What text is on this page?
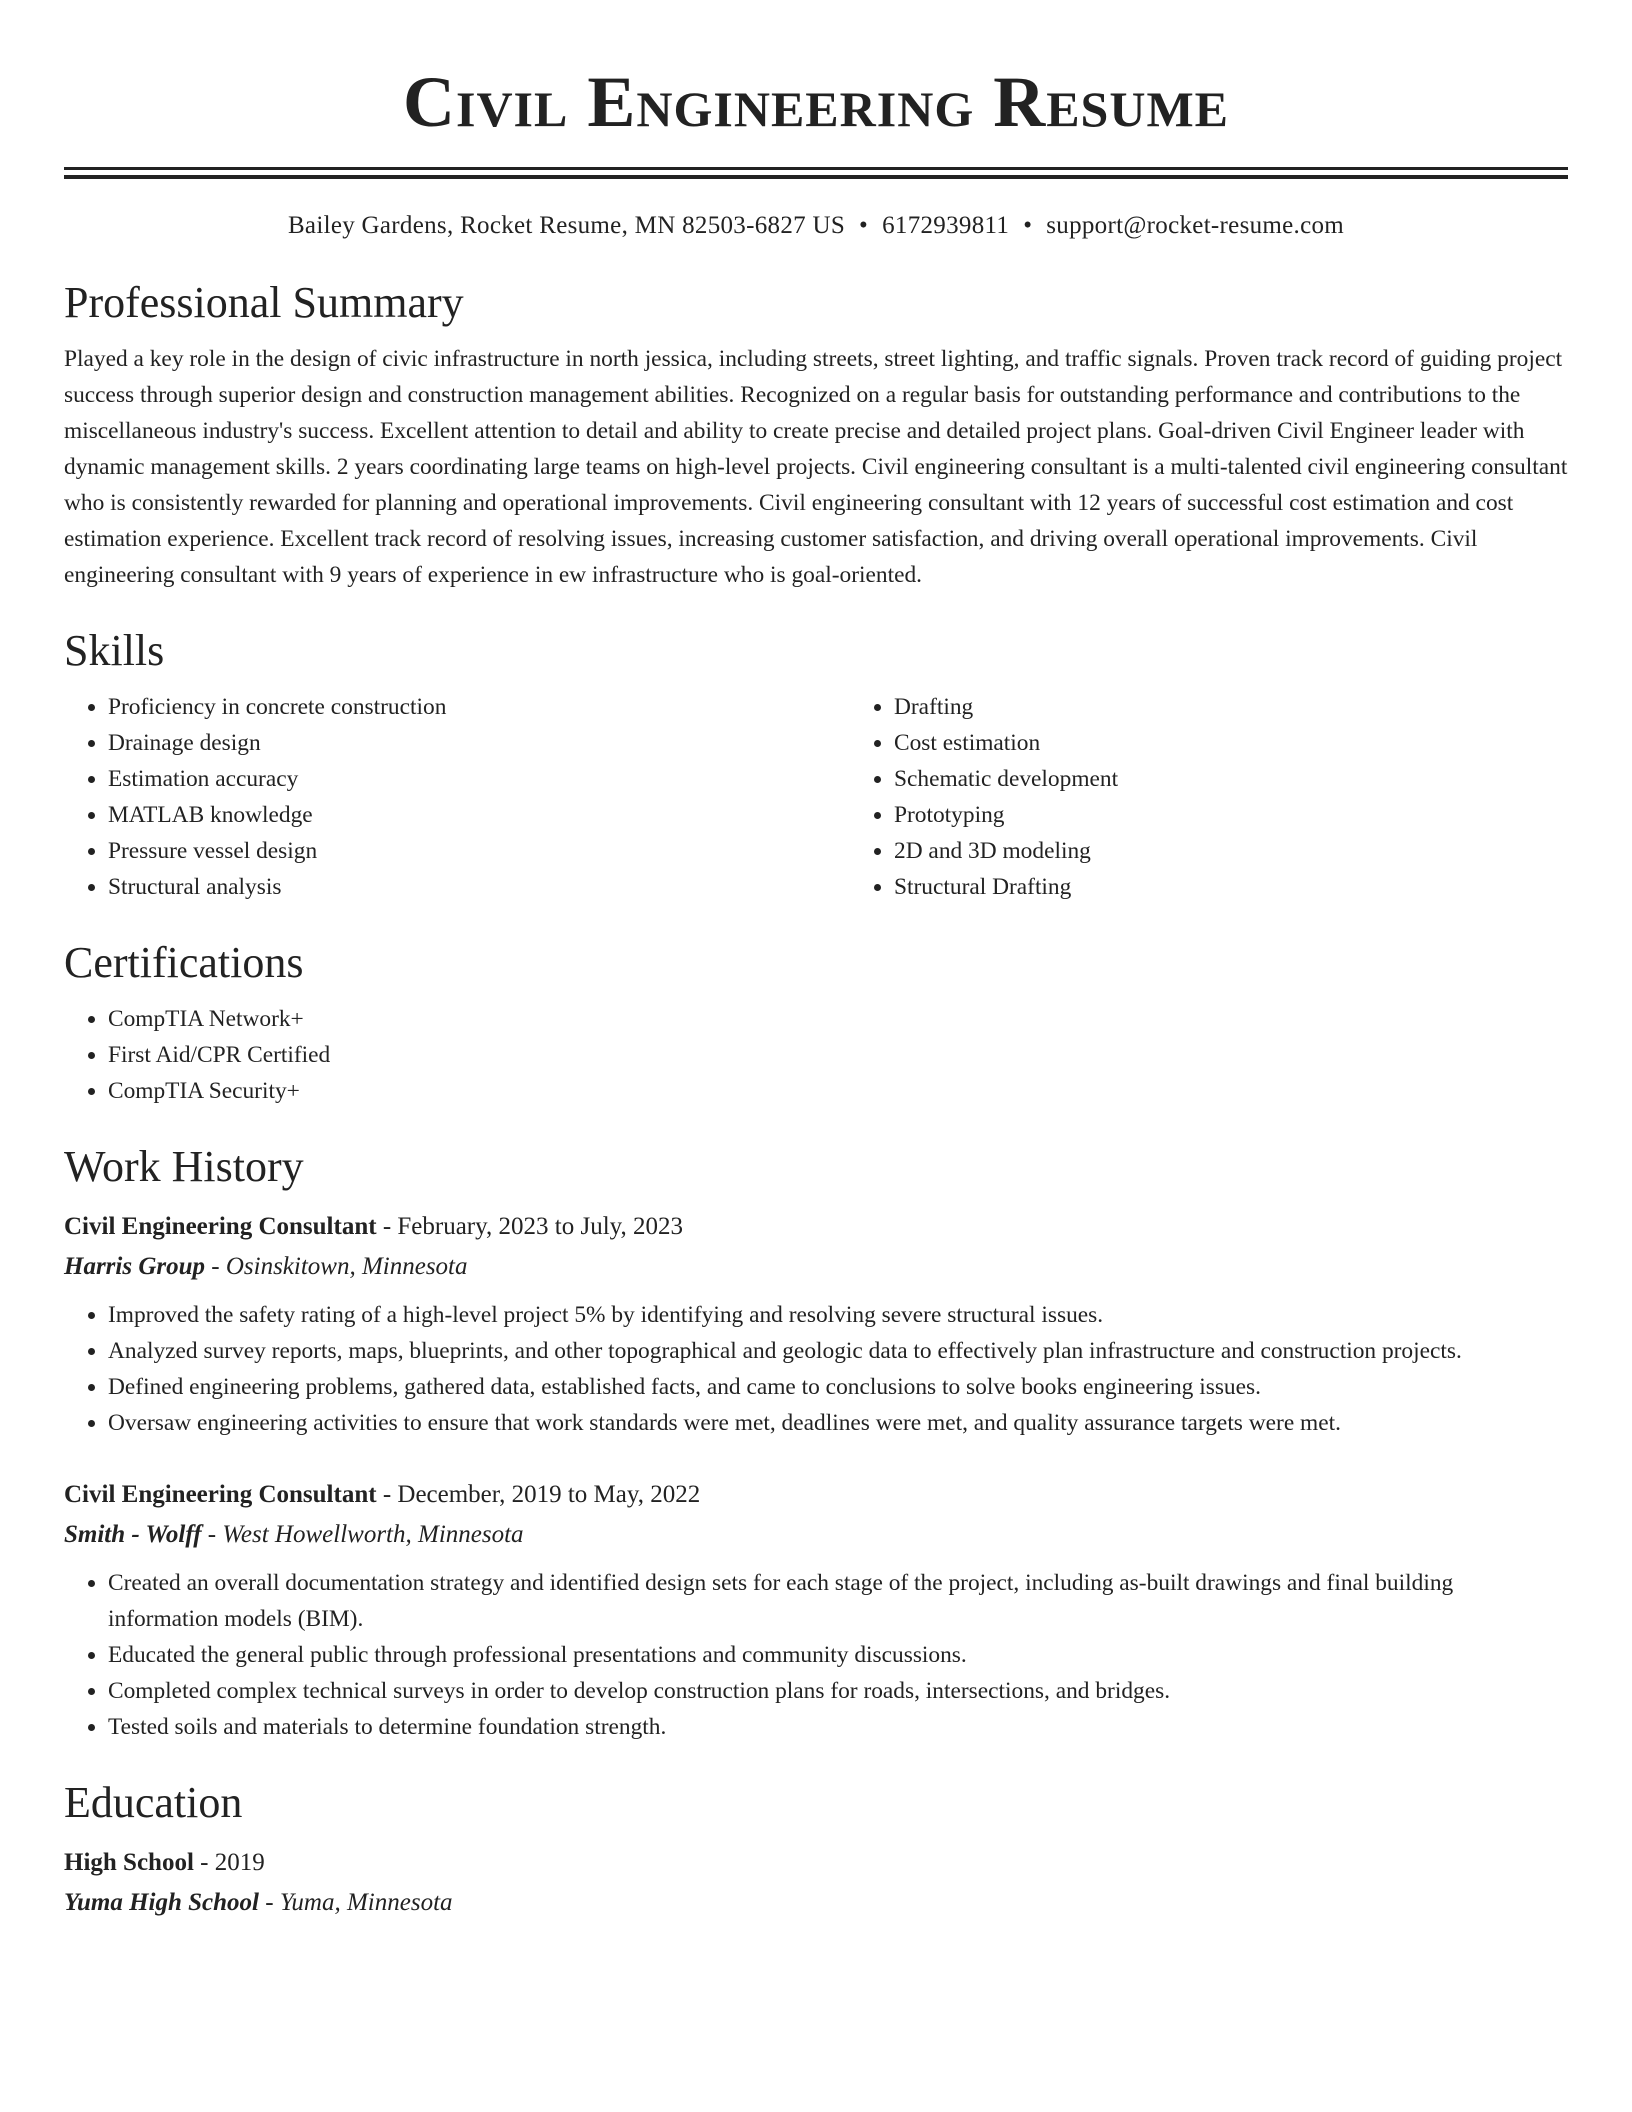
Civil Engineering Resume
Bailey Gardens, Rocket Resume, MN 82503-6827 US • 6172939811 • support@rocket-resume.com
Professional Summary

Played a key role in the design of civic infrastructure in north jessica, including streets, street lighting, and traffic signals. Proven track record of guiding project success through superior design and construction management abilities. Recognized on a regular basis for outstanding performance and contributions to the miscellaneous industry's success. Excellent attention to detail and ability to create precise and detailed project plans. Goal-driven Civil Engineer leader with dynamic management skills. 2 years coordinating large teams on high-level projects. Civil engineering consultant is a multi-talented civil engineering consultant who is consistently rewarded for planning and operational improvements. Civil engineering consultant with 12 years of successful cost estimation and cost estimation experience. Excellent track record of resolving issues, increasing customer satisfaction, and driving overall operational improvements. Civil engineering consultant with 9 years of experience in ew infrastructure who is goal-oriented.

Skills
• Proficiency in concrete construction
• Drainage design
• Estimation accuracy
• MATLAB knowledge
• Pressure vessel design
• Structural analysis
• Drafting
• Cost estimation
• Schematic development
• Prototyping
• 2D and 3D modeling
• Structural Drafting
Certifications
• CompTIA Network+
• First Aid/CPR Certified
• CompTIA Security+
Work History
Civil Engineering Consultant - February, 2023 to July, 2023
Harris Group - Osinskitown, Minnesota
• Improved the safety rating of a high-level project 5% by identifying and resolving severe structural issues.
• Analyzed survey reports, maps, blueprints, and other topographical and geologic data to effectively plan infrastructure and construction projects.
• Defined engineering problems, gathered data, established facts, and came to conclusions to solve books engineering issues.
• Oversaw engineering activities to ensure that work standards were met, deadlines were met, and quality assurance targets were met.
Civil Engineering Consultant - December, 2019 to May, 2022
Smith - Wolff - West Howellworth, Minnesota
• Created an overall documentation strategy and identified design sets for each stage of the project, including as-built drawings and final building information models (BIM).
• Educated the general public through professional presentations and community discussions.
• Completed complex technical surveys in order to develop construction plans for roads, intersections, and bridges.
• Tested soils and materials to determine foundation strength.
Education
High School - 2019
Yuma High School - Yuma, Minnesota
